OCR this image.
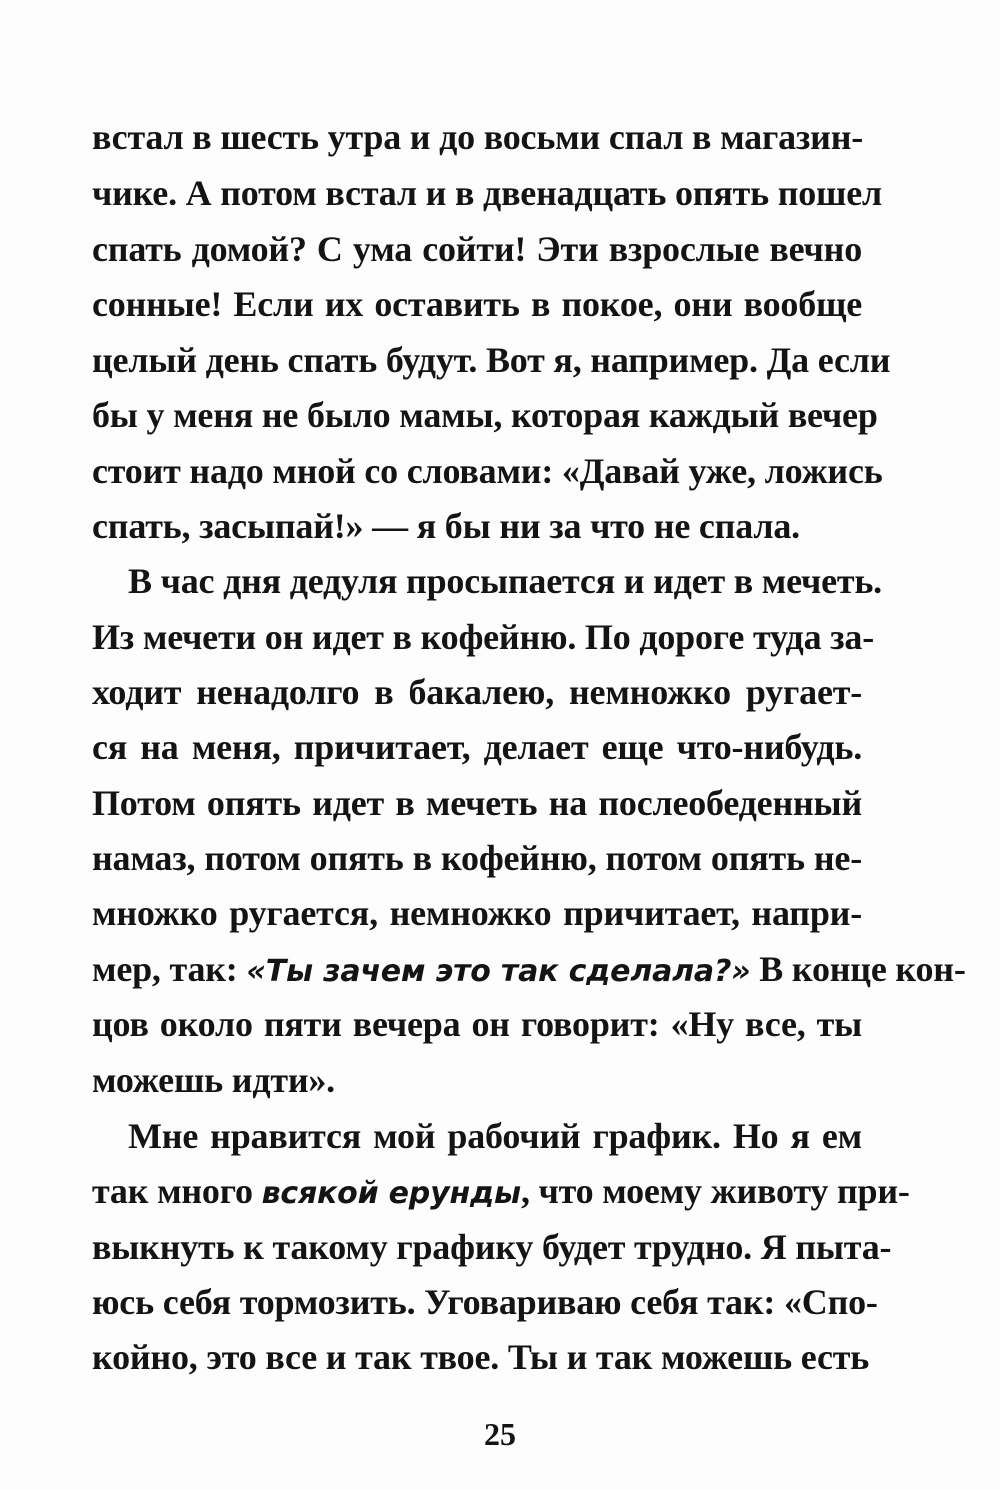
встал в шесть утра и до восьми спал в магазин-
чике. А потом встал и в двенадцать опять пошел
спать домой? С ума сойти! Эти взрослые вечно
сонные! Если их оставить в покое, они вообще
целый день спать будут. Вот я, например. Да если
бы у меня не было мамы, которая каждый вечер
стоит надо мной со словами: «Давай уже, ложись
спать, засыпай!» — я бы ни за что не спала.
В час дня дедуля просыпается и идет в мечеть.
Из мечети он идет в кофейню. По дороге туда за-
ходит ненадолго в бакалею, немножко ругает-
ся на меня, причитает, делает еще что-нибудь.
Потом опять идет в мечеть на послеобеденный
намаз, потом опять в кофейню, потом опять не-
множко ругается, немножко причитает, напри-
мер, так: «Ты зачем это так сделала?» В конце кон-
цов около пяти вечера он говорит: «Ну все, ты
можешь идти».
Мне нравится мой рабочий график. Но я ем
так много всякой ерунды, что моему животу при-
выкнуть к такому графику будет трудно. Я пыта-
юсь себя тормозить. Уговариваю себя так: «Спо-
койно, это все и так твое. Ты и так можешь есть
25
